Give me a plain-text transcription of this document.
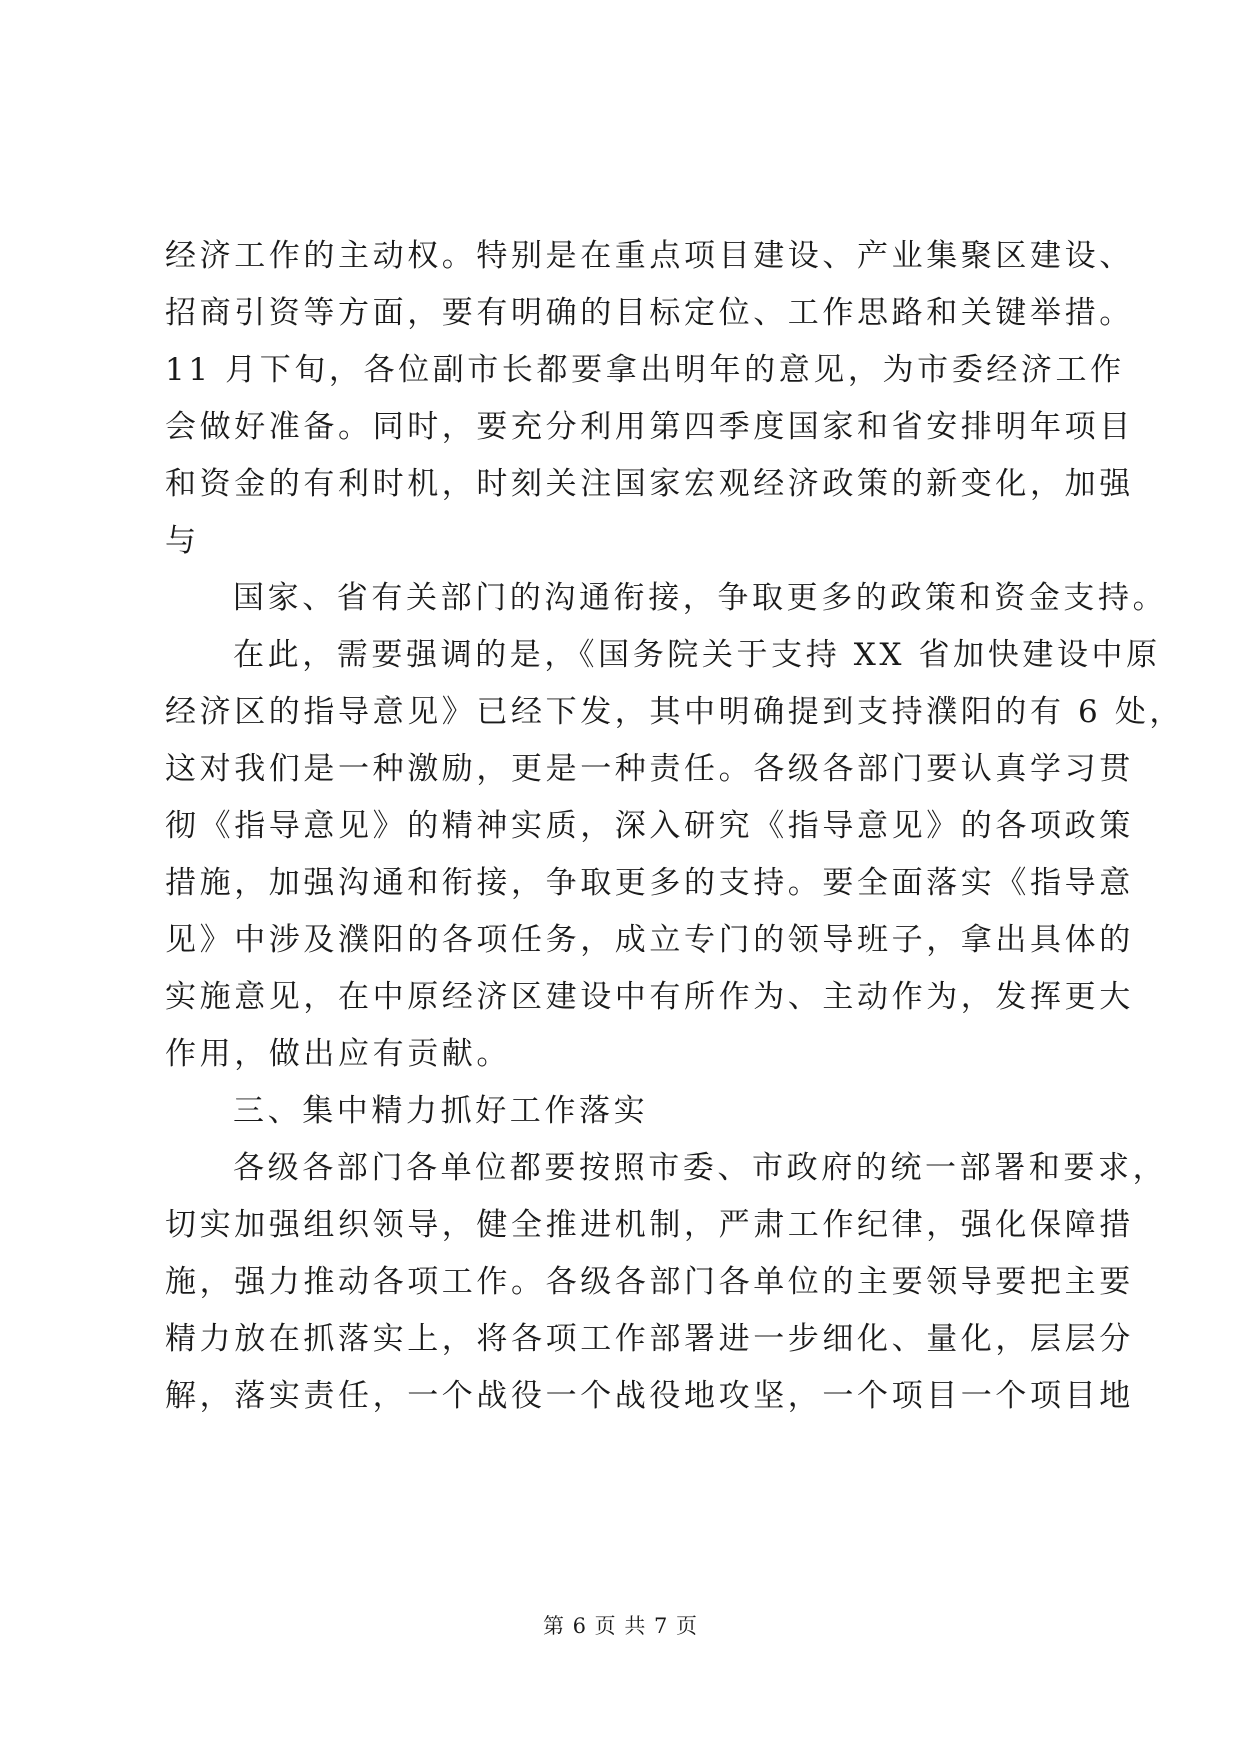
经济工作的主动权。特别是在重点项目建设、产业集聚区建设、
招商引资等方面，要有明确的目标定位、工作思路和关键举措。
11 月下旬，各位副市长都要拿出明年的意见，为市委经济工作
会做好准备。同时，要充分利用第四季度国家和省安排明年项目
和资金的有利时机，时刻关注国家宏观经济政策的新变化，加强
与
国家、省有关部门的沟通衔接，争取更多的政策和资金支持。
在此，需要强调的是，《国务院关于支持 XX 省加快建设中原
经济区的指导意见》已经下发，其中明确提到支持濮阳的有 6 处，
这对我们是一种激励，更是一种责任。各级各部门要认真学习贯
彻《指导意见》的精神实质，深入研究《指导意见》的各项政策
措施，加强沟通和衔接，争取更多的支持。要全面落实《指导意
见》中涉及濮阳的各项任务，成立专门的领导班子，拿出具体的
实施意见，在中原经济区建设中有所作为、主动作为，发挥更大
作用，做出应有贡献。
三、集中精力抓好工作落实
各级各部门各单位都要按照市委、市政府的统一部署和要求，
切实加强组织领导，健全推进机制，严肃工作纪律，强化保障措
施，强力推动各项工作。各级各部门各单位的主要领导要把主要
精力放在抓落实上，将各项工作部署进一步细化、量化，层层分
解，落实责任，一个战役一个战役地攻坚，一个项目一个项目地
第 6 页 共 7 页
